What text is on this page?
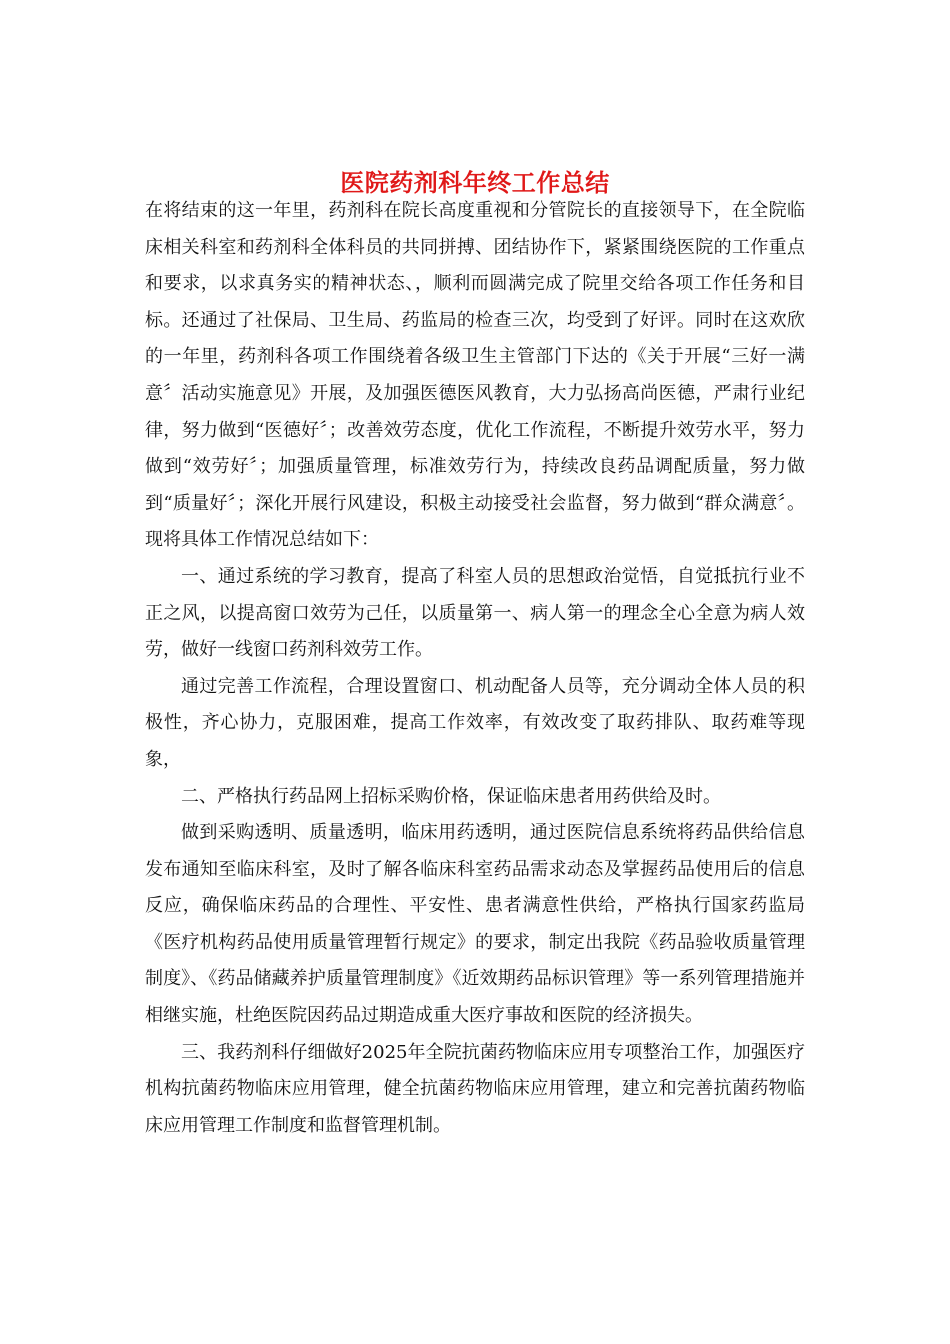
医院药剂科年终工作总结

在将结束的这一年里，药剂科在院长高度重视和分管院长的直接领导下，在全院临床相关科室和药剂科全体科员的共同拼搏、团结协作下，紧紧围绕医院的工作重点和要求，以求真务实的精神状态、，顺利而圆满完成了院里交给各项工作任务和目标。还通过了社保局、卫生局、药监局的检查三次，均受到了好评。同时在这欢欣的一年里，药剂科各项工作围绕着各级卫生主管部门下达的《关于开展“三好一满意〞活动实施意见》开展，及加强医德医风教育，大力弘扬高尚医德，严肃行业纪律，努力做到“医德好〞；改善效劳态度，优化工作流程，不断提升效劳水平，努力做到“效劳好〞；加强质量管理，标准效劳行为，持续改良药品调配质量，努力做到“质量好〞；深化开展行风建设，积极主动接受社会监督，努力做到“群众满意〞。现将具体工作情况总结如下：

一、通过系统的学习教育，提高了科室人员的思想政治觉悟，自觉抵抗行业不正之风，以提高窗口效劳为己任，以质量第一、病人第一的理念全心全意为病人效劳，做好一线窗口药剂科效劳工作。

通过完善工作流程，合理设置窗口、机动配备人员等，充分调动全体人员的积极性，齐心协力，克服困难，提高工作效率，有效改变了取药排队、取药难等现象，

二、严格执行药品网上招标采购价格，保证临床患者用药供给及时。

做到采购透明、质量透明，临床用药透明，通过医院信息系统将药品供给信息发布通知至临床科室，及时了解各临床科室药品需求动态及掌握药品使用后的信息反应，确保临床药品的合理性、平安性、患者满意性供给，严格执行国家药监局《医疗机构药品使用质量管理暂行规定》的要求，制定出我院《药品验收质量管理制度》、《药品储藏养护质量管理制度》《近效期药品标识管理》等一系列管理措施并相继实施，杜绝医院因药品过期造成重大医疗事故和医院的经济损失。

三、我药剂科仔细做好2025年全院抗菌药物临床应用专项整治工作，加强医疗机构抗菌药物临床应用管理，健全抗菌药物临床应用管理，建立和完善抗菌药物临床应用管理工作制度和监督管理机制。
